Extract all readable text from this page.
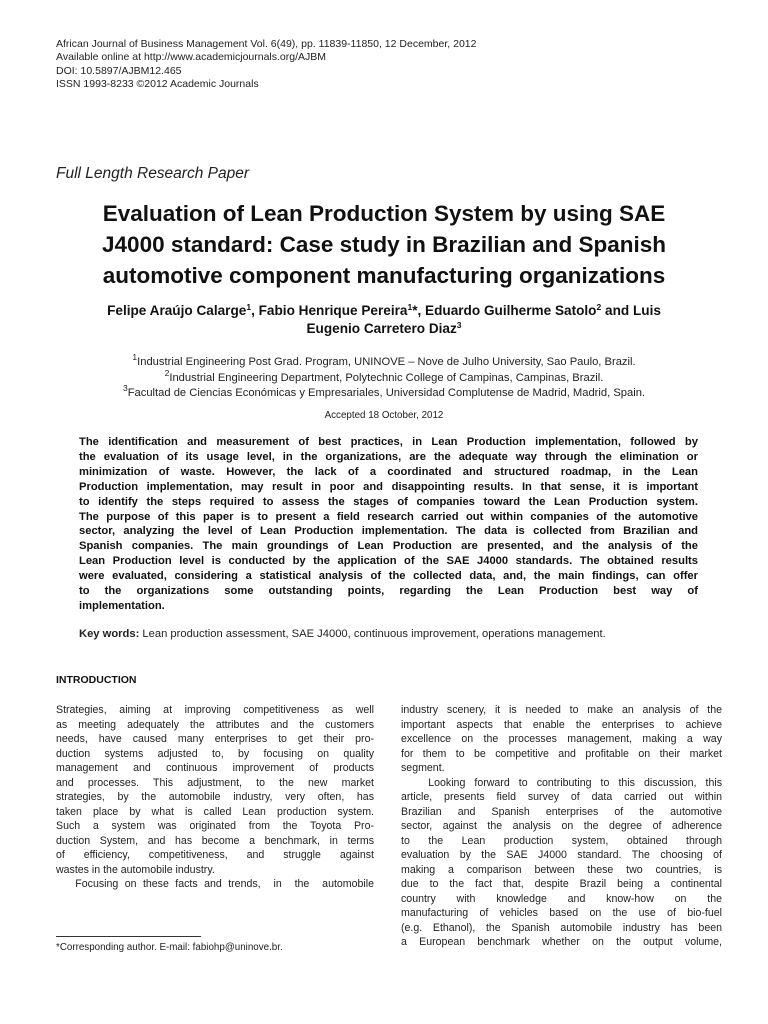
African Journal of Business Management Vol. 6(49), pp. 11839-11850, 12 December, 2012
Available online at http://www.academicjournals.org/AJBM
DOI: 10.5897/AJBM12.465
ISSN 1993-8233 ©2012 Academic Journals
Full Length Research Paper
Evaluation of Lean Production System by using SAE
J4000 standard: Case study in Brazilian and Spanish
automotive component manufacturing organizations
Felipe Araújo Calarge$^1$, Fabio Henrique Pereira$^1$*, Eduardo Guilherme Satolo$^2$ and Luis
Eugenio Carretero Diaz$^3$
$^1$Industrial Engineering Post Grad. Program, UNINOVE – Nove de Julho University, Sao Paulo, Brazil.
$^2$Industrial Engineering Department, Polytechnic College of Campinas, Campinas, Brazil.
$^3$Facultad de Ciencias Económicas y Empresariales, Universidad Complutense de Madrid, Madrid, Spain.
Accepted 18 October, 2012
The identification and measurement of best practices, in Lean Production implementation, followed by
the evaluation of its usage level, in the organizations, are the adequate way through the elimination or
minimization of waste. However, the lack of a coordinated and structured roadmap, in the Lean
Production implementation, may result in poor and disappointing results. In that sense, it is important
to identify the steps required to assess the stages of companies toward the Lean Production system.
The purpose of this paper is to present a field research carried out within companies of the automotive
sector, analyzing the level of Lean Production implementation. The data is collected from Brazilian and
Spanish companies. The main groundings of Lean Production are presented, and the analysis of the
Lean Production level is conducted by the application of the SAE J4000 standards. The obtained results
were evaluated, considering a statistical analysis of the collected data, and, the main findings, can offer
to the organizations some outstanding points, regarding the Lean Production best way of
implementation.
Key words: Lean production assessment, SAE J4000, continuous improvement, operations management.
INTRODUCTION
Strategies, aiming at improving competitiveness as well
as meeting adequately the attributes and the customers
needs, have caused many enterprises to get their pro-
duction systems adjusted to, by focusing on quality
management and continuous improvement of products
and processes. This adjustment, to the new market
strategies, by the automobile industry, very often, has
taken place by what is called Lean production system.
Such a system was originated from the Toyota Pro-
duction System, and has become a benchmark, in terms
of efficiency, competitiveness, and struggle against
wastes in the automobile industry.
Focusing on these facts and trends,  in  the  automobile
industry scenery, it is needed to make an analysis of the
important aspects that enable the enterprises to achieve
excellence on the processes management, making a way
for them to be competitive and profitable on their market
segment.
Looking forward to contributing to this discussion, this
article, presents field survey of data carried out within
Brazilian and Spanish enterprises of the automotive
sector, against the analysis on the degree of adherence
to the Lean production system, obtained through
evaluation by the SAE J4000 standard. The choosing of
making a comparison between these two countries, is
due to the fact that, despite Brazil being a continental
country with knowledge and know-how on the
manufacturing of vehicles based on the use of bio-fuel
(e.g. Ethanol), the Spanish automobile industry has been
a European benchmark whether on the output volume,
*Corresponding author. E-mail: fabiohp@uninove.br.
